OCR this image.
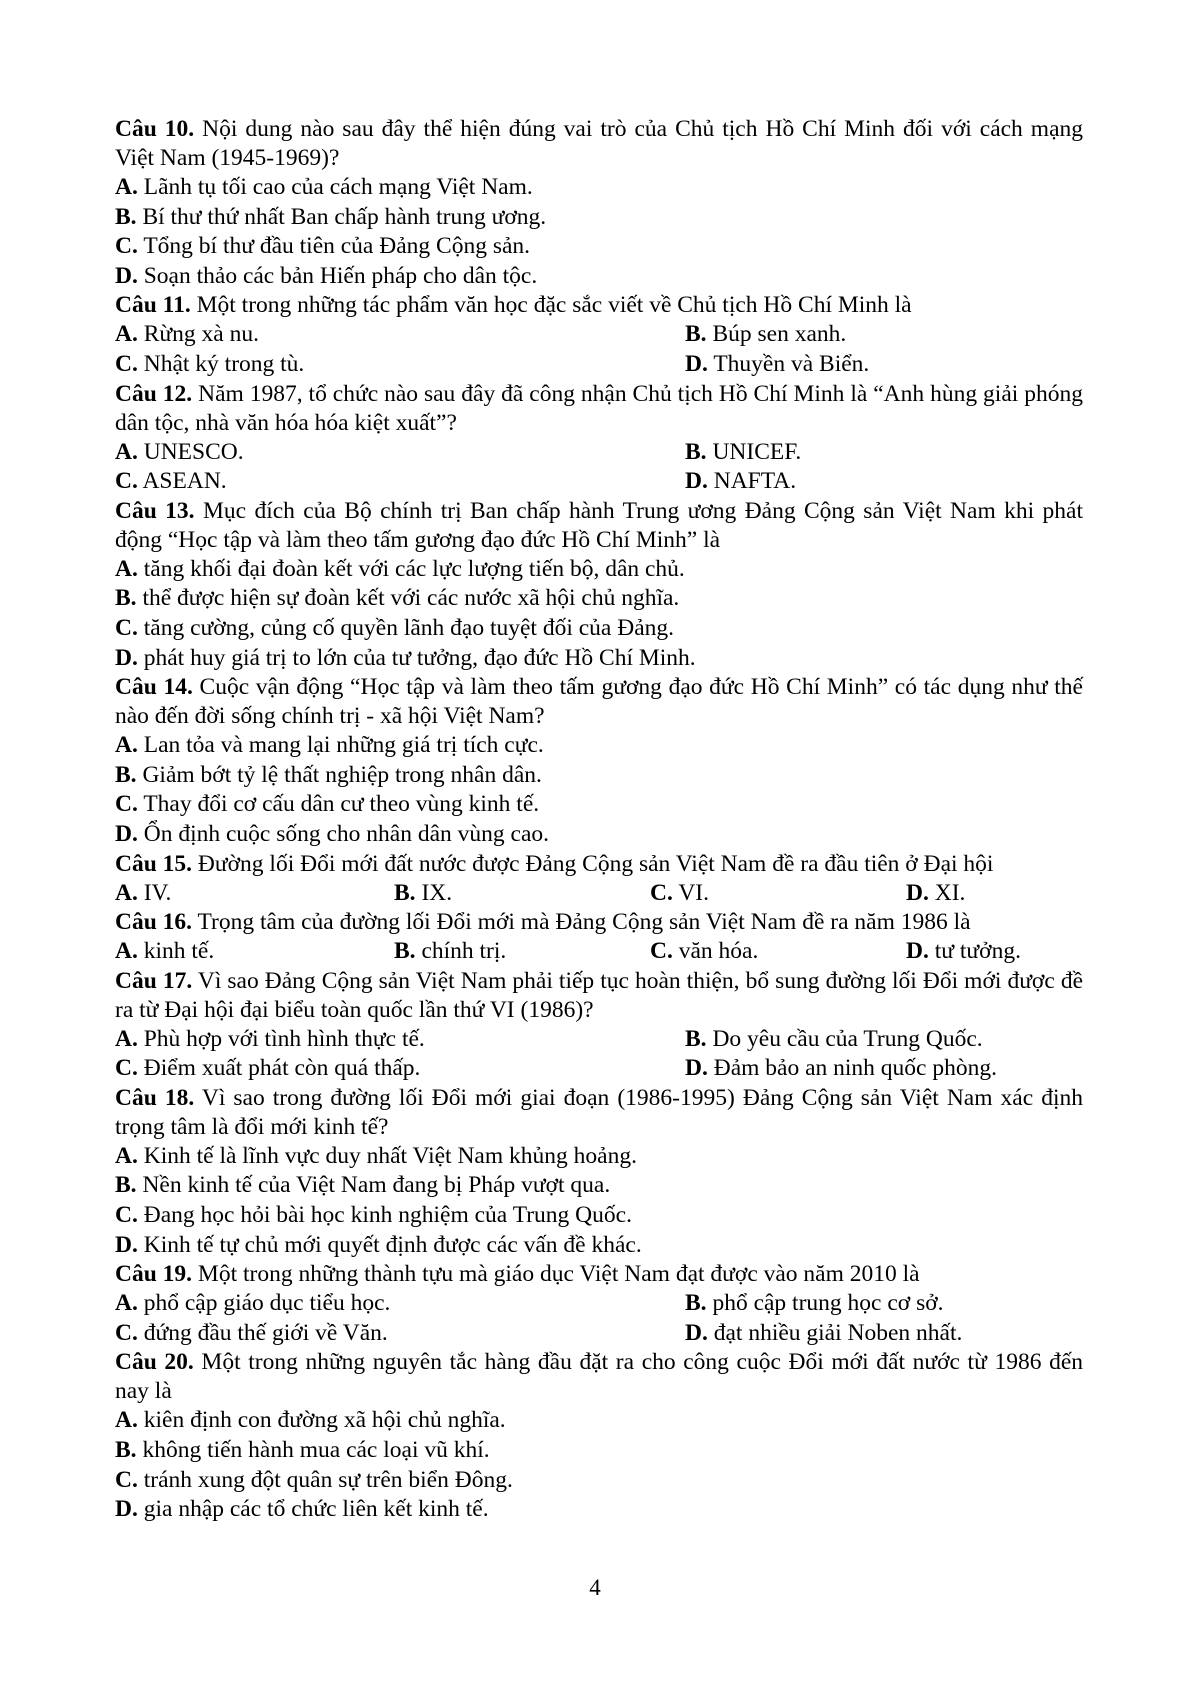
Câu 10. Nội dung nào sau đây thể hiện đúng vai trò của Chủ tịch Hồ Chí Minh đối với cách mạng Việt Nam (1945-1969)?
A. Lãnh tụ tối cao của cách mạng Việt Nam.
B. Bí thư thứ nhất Ban chấp hành trung ương.
C. Tổng bí thư đầu tiên của Đảng Cộng sản.
D. Soạn thảo các bản Hiến pháp cho dân tộc.
Câu 11. Một trong những tác phẩm văn học đặc sắc viết về Chủ tịch Hồ Chí Minh là
A. Rừng xà nu.	B. Búp sen xanh.
C. Nhật ký trong tù.	D. Thuyền và Biển.
Câu 12. Năm 1987, tổ chức nào sau đây đã công nhận Chủ tịch Hồ Chí Minh là “Anh hùng giải phóng dân tộc, nhà văn hóa hóa kiệt xuất”?
A. UNESCO.	B. UNICEF.
C. ASEAN.	D. NAFTA.
Câu 13. Mục đích của Bộ chính trị Ban chấp hành Trung ương Đảng Cộng sản Việt Nam khi phát động “Học tập và làm theo tấm gương đạo đức Hồ Chí Minh” là
A. tăng khối đại đoàn kết với các lực lượng tiến bộ, dân chủ.
B. thể được hiện sự đoàn kết với các nước xã hội chủ nghĩa.
C. tăng cường, củng cố quyền lãnh đạo tuyệt đối của Đảng.
D. phát huy giá trị to lớn của tư tưởng, đạo đức Hồ Chí Minh.
Câu 14. Cuộc vận động “Học tập và làm theo tấm gương đạo đức Hồ Chí Minh” có tác dụng như thế nào đến đời sống chính trị - xã hội Việt Nam?
A. Lan tỏa và mang lại những giá trị tích cực.
B. Giảm bớt tỷ lệ thất nghiệp trong nhân dân.
C. Thay đổi cơ cấu dân cư theo vùng kinh tế.
D. Ổn định cuộc sống cho nhân dân vùng cao.
Câu 15. Đường lối Đổi mới đất nước được Đảng Cộng sản Việt Nam đề ra đầu tiên ở Đại hội
A. IV.	B. IX.	C. VI.	D. XI.
Câu 16. Trọng tâm của đường lối Đổi mới mà Đảng Cộng sản Việt Nam đề ra năm 1986 là
A. kinh tế.	B. chính trị.	C. văn hóa.	D. tư tưởng.
Câu 17. Vì sao Đảng Cộng sản Việt Nam phải tiếp tục hoàn thiện, bổ sung đường lối Đổi mới được đề ra từ Đại hội đại biểu toàn quốc lần thứ VI (1986)?
A. Phù hợp với tình hình thực tế.	B. Do yêu cầu của Trung Quốc.
C. Điểm xuất phát còn quá thấp.	D. Đảm bảo an ninh quốc phòng.
Câu 18. Vì sao trong đường lối Đổi mới giai đoạn (1986-1995) Đảng Cộng sản Việt Nam xác định trọng tâm là đổi mới kinh tế?
A. Kinh tế là lĩnh vực duy nhất Việt Nam khủng hoảng.
B. Nền kinh tế của Việt Nam đang bị Pháp vượt qua.
C. Đang học hỏi bài học kinh nghiệm của Trung Quốc.
D. Kinh tế tự chủ mới quyết định được các vấn đề khác.
Câu 19. Một trong những thành tựu mà giáo dục Việt Nam đạt được vào năm 2010 là
A. phổ cập giáo dục tiểu học.	B. phổ cập trung học cơ sở.
C. đứng đầu thế giới về Văn.	D. đạt nhiều giải Noben nhất.
Câu 20. Một trong những nguyên tắc hàng đầu đặt ra cho công cuộc Đổi mới đất nước từ 1986 đến nay là
A. kiên định con đường xã hội chủ nghĩa.
B. không tiến hành mua các loại vũ khí.
C. tránh xung đột quân sự trên biển Đông.
D. gia nhập các tổ chức liên kết kinh tế.
4
